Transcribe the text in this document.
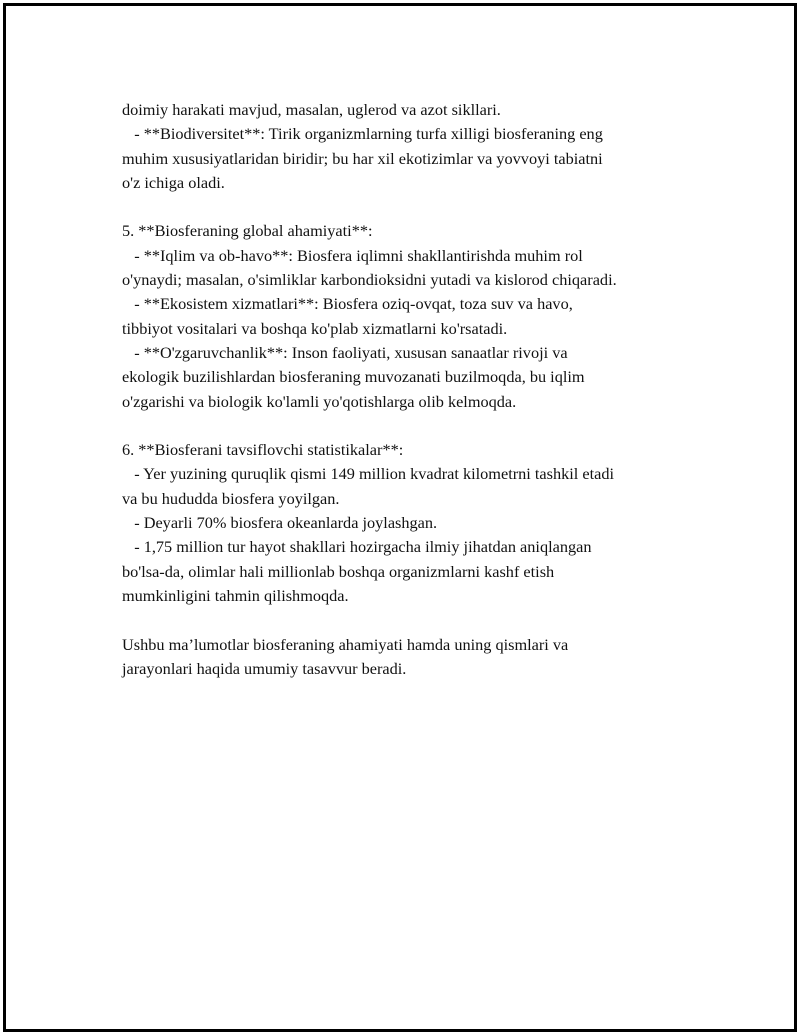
doimiy harakati mavjud, masalan, uglerod va azot sikllari.
- **Biodiversitet**: Tirik organizmlarning turfa xilligi biosferaning eng
muhim xususiyatlaridan biridir; bu har xil ekotizimlar va yovvoyi tabiatni
o'z ichiga oladi.
5. **Biosferaning global ahamiyati**:
- **Iqlim va ob-havo**: Biosfera iqlimni shakllantirishda muhim rol
o'ynaydi; masalan, o'simliklar karbondioksidni yutadi va kislorod chiqaradi.
- **Ekosistem xizmatlari**: Biosfera oziq-ovqat, toza suv va havo,
tibbiyot vositalari va boshqa ko'plab xizmatlarni ko'rsatadi.
- **O'zgaruvchanlik**: Inson faoliyati, xususan sanaatlar rivoji va
ekologik buzilishlardan biosferaning muvozanati buzilmoqda, bu iqlim
o'zgarishi va biologik ko'lamli yo'qotishlarga olib kelmoqda.
6. **Biosferani tavsiflovchi statistikalar**:
- Yer yuzining quruqlik qismi 149 million kvadrat kilometrni tashkil etadi
va bu hududda biosfera yoyilgan.
- Deyarli 70% biosfera okeanlarda joylashgan.
- 1,75 million tur hayot shakllari hozirgacha ilmiy jihatdan aniqlangan
bo'lsa-da, olimlar hali millionlab boshqa organizmlarni kashf etish
mumkinligini tahmin qilishmoqda.
Ushbu ma’lumotlar biosferaning ahamiyati hamda uning qismlari va
jarayonlari haqida umumiy tasavvur beradi.
